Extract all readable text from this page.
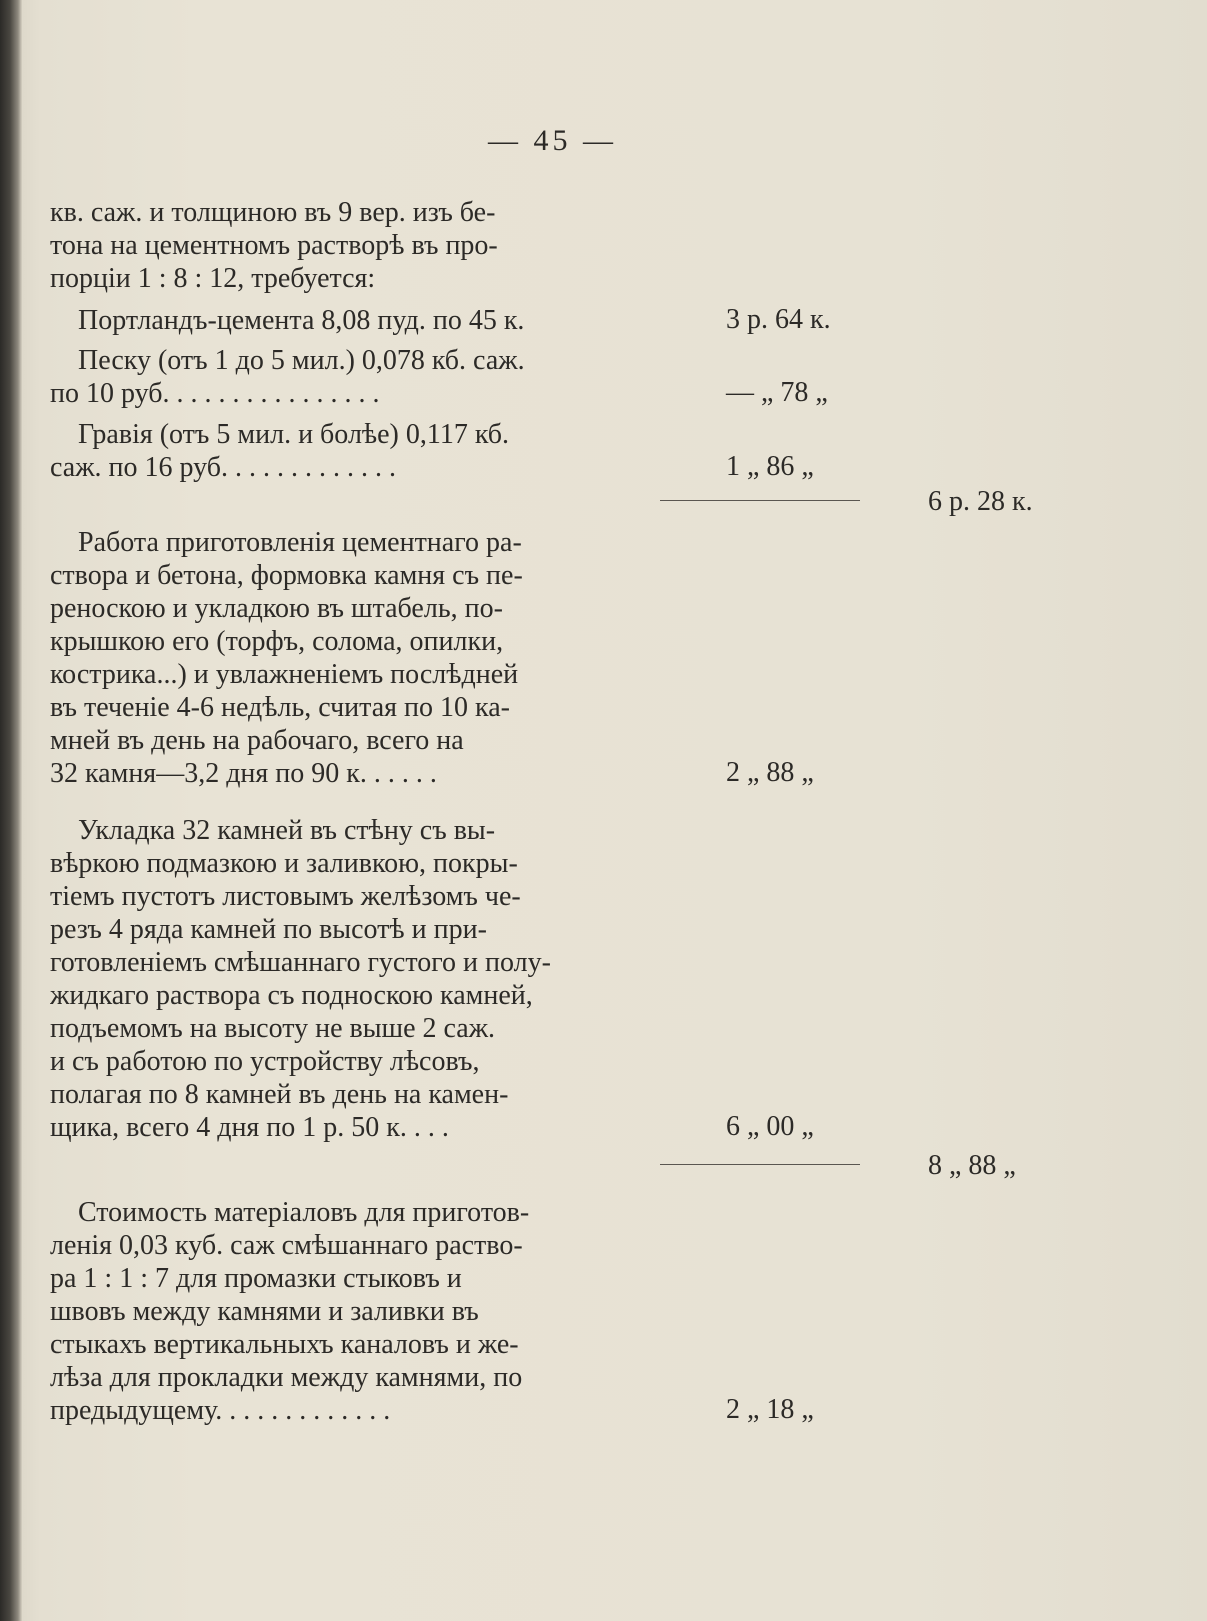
— 45 —
кв. саж. и толщиною въ 9 вер. изъ бе-
тона на цементномъ растворѣ въ про-
порціи 1 : 8 : 12, требуется:
Портландъ-цемента 8,08 пуд. по 45 к.	3 р. 64 к.
Песку (отъ 1 до 5 мил.) 0,078 кб. саж.
по 10 руб. . . . . . . . . . . . . . . .	— „ 78 „
Гравія (отъ 5 мил. и болѣе) 0,117 кб.
саж. по 16 руб. . . . . . . . . . . . .	1 „ 86 „
6 р. 28 к.
Работа приготовленія цементнаго ра-
створа и бетона, формовка камня съ пе-
реноскою и укладкою въ штабель, по-
крышкою его (торфъ, солома, опилки,
кострика...) и увлажненіемъ послѣдней
въ теченіе 4-6 недѣль, считая по 10 ка-
мней въ день на рабочаго, всего на
32 камня—3,2 дня по 90 к. . . . . .	2 „ 88 „
Укладка 32 камней въ стѣну съ вы-
вѣркою подмазкою и заливкою, покры-
тіемъ пустотъ листовымъ желѣзомъ че-
резъ 4 ряда камней по высотѣ и при-
готовленіемъ смѣшаннаго густого и полу-
жидкаго раствора съ подноскою камней,
подъемомъ на высоту не выше 2 саж.
и съ работою по устройству лѣсовъ,
полагая по 8 камней въ день на камен-
щика, всего 4 дня по 1 р. 50 к. . . .	6 „ 00 „
8 „ 88 „
Стоимость матеріаловъ для приготов-
ленія 0,03 куб. саж смѣшаннаго раство-
ра 1 : 1 : 7 для промазки стыковъ и
швовъ между камнями и заливки въ
стыкахъ вертикальныхъ каналовъ и же-
лѣза для прокладки между камнями, по
предыдущему. . . . . . . . . . . . .	2 „ 18 „
